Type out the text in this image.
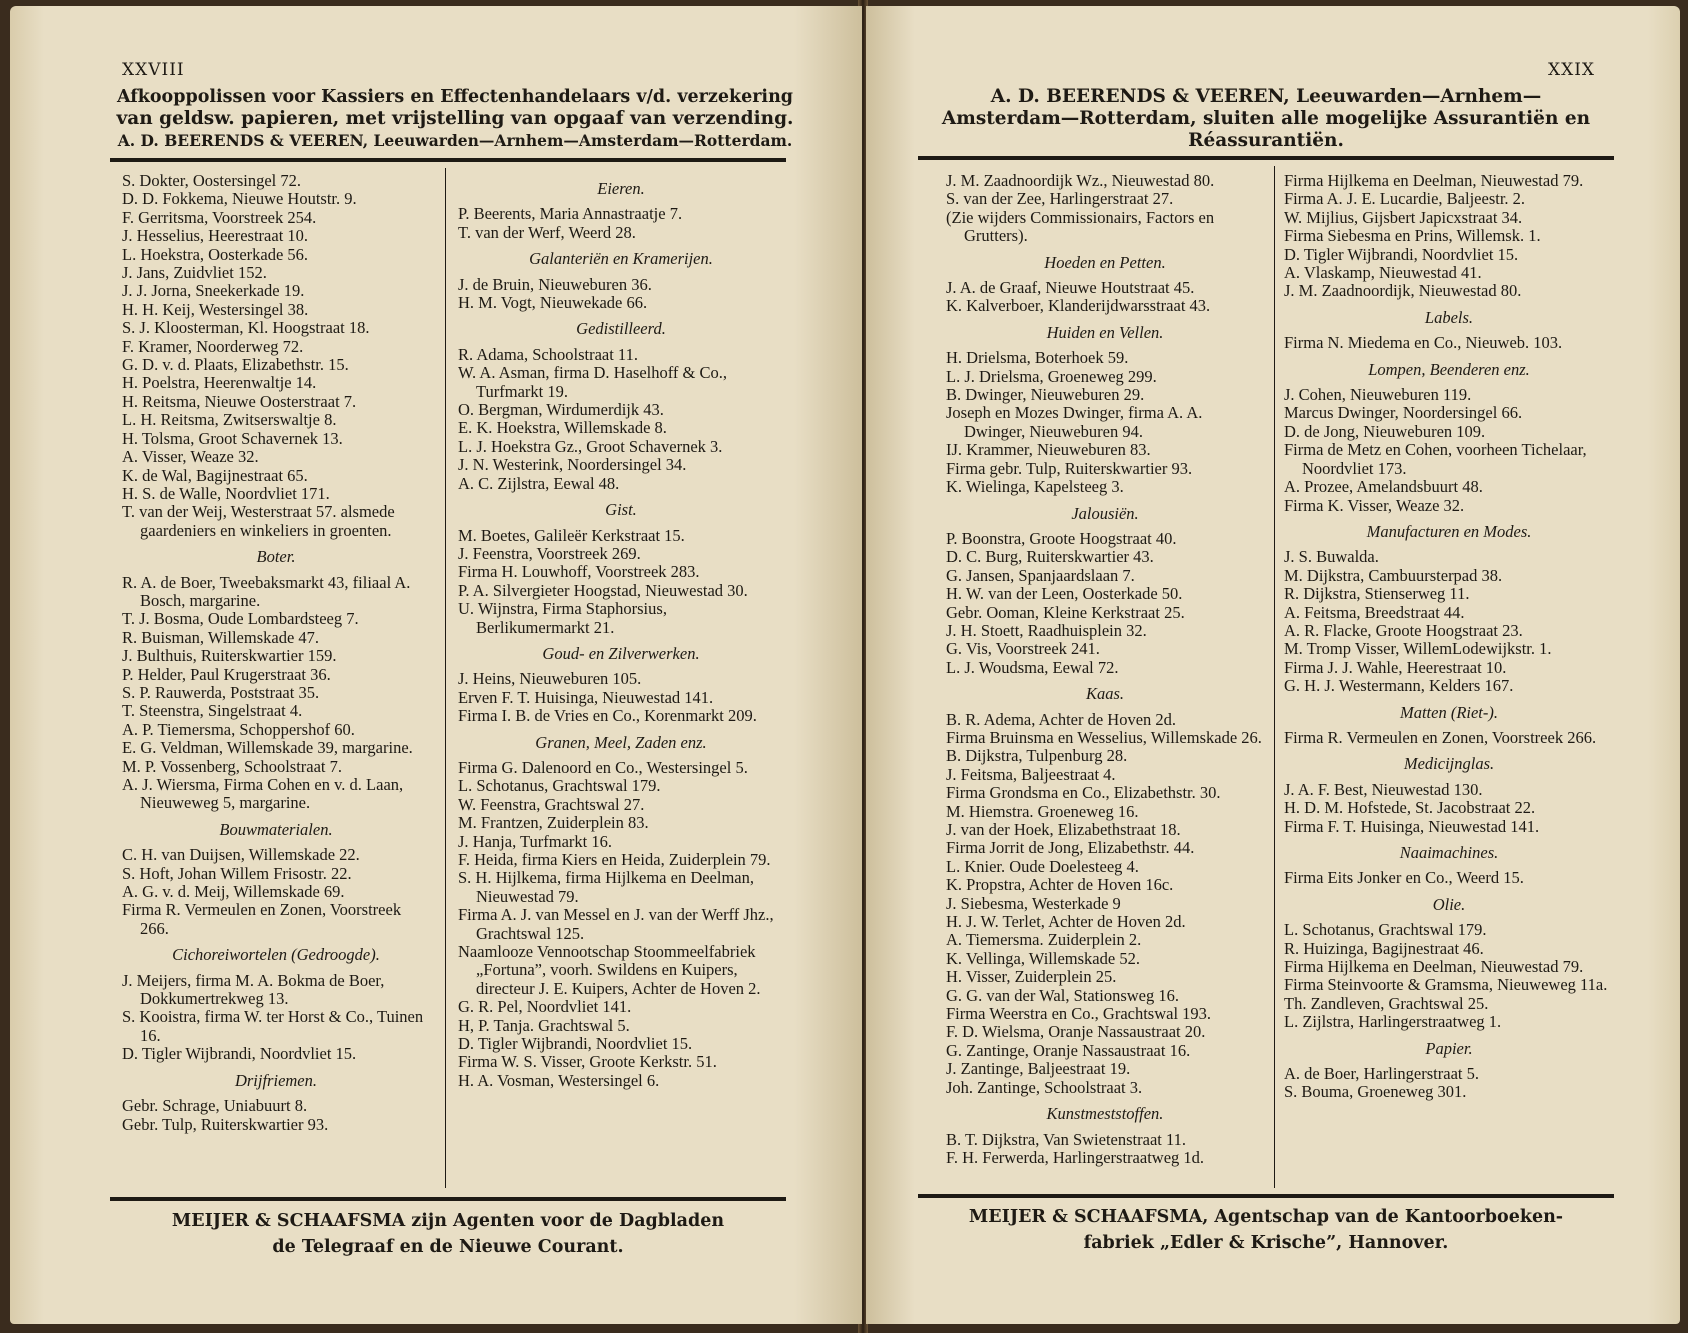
XXVIII
Afkooppolissen voor Kassiers en Effectenhandelaars v/d. verzekering
van geldsw. papieren, met vrijstelling van opgaaf van verzending.
A. D. BEERENDS & VEEREN, Leeuwarden—Arnhem—Amsterdam—Rotterdam.

S. Dokter, Oostersingel 72.

D. D. Fokkema, Nieuwe Houtstr. 9.

F. Gerritsma, Voorstreek 254.

J. Hesselius, Heerestraat 10.

L. Hoekstra, Oosterkade 56.

J. Jans, Zuidvliet 152.

J. J. Jorna, Sneekerkade 19.

H. H. Keij, Westersingel 38.

S. J. Kloosterman, Kl. Hoogstraat 18.

F. Kramer, Noorderweg 72.

G. D. v. d. Plaats, Elizabethstr. 15.

H. Poelstra, Heerenwaltje 14.

H. Reitsma, Nieuwe Oosterstraat 7.

L. H. Reitsma, Zwitserswaltje 8.

H. Tolsma, Groot Schavernek 13.

A. Visser, Weaze 32.

K. de Wal, Bagijnestraat 65.

H. S. de Walle, Noordvliet 171.

T. van der Weij, Westerstraat 57. alsmede gaardeniers en winkeliers in groenten.

Boter.

R. A. de Boer, Tweebaksmarkt 43, filiaal A. Bosch, margarine.

T. J. Bosma, Oude Lombardsteeg 7.

R. Buisman, Willemskade 47.

J. Bulthuis, Ruiterskwartier 159.

P. Helder, Paul Krugerstraat 36.

S. P. Rauwerda, Poststraat 35.

T. Steenstra, Singelstraat 4.

A. P. Tiemersma, Schoppershof 60.

E. G. Veldman, Willemskade 39, margarine.

M. P. Vossenberg, Schoolstraat 7.

A. J. Wiersma, Firma Cohen en v. d. Laan, Nieuweweg 5, margarine.

Bouwmaterialen.

C. H. van Duijsen, Willemskade 22.

S. Hoft, Johan Willem Frisostr. 22.

A. G. v. d. Meij, Willemskade 69.

Firma R. Vermeulen en Zonen, Voorstreek 266.

Cichoreiwortelen (Gedroogde).

J. Meijers, firma M. A. Bokma de Boer, Dokkumertrekweg 13.

S. Kooistra, firma W. ter Horst & Co., Tuinen 16.

D. Tigler Wijbrandi, Noordvliet 15.

Drijfriemen.

Gebr. Schrage, Uniabuurt 8.

Gebr. Tulp, Ruiterskwartier 93.

Eieren.

P. Beerents, Maria Annastraatje 7.

T. van der Werf, Weerd 28.

Galanteriën en Kramerijen.

J. de Bruin, Nieuweburen 36.

H. M. Vogt, Nieuwekade 66.

Gedistilleerd.

R. Adama, Schoolstraat 11.

W. A. Asman, firma D. Haselhoff & Co., Turfmarkt 19.

O. Bergman, Wirdumerdijk 43.

E. K. Hoekstra, Willemskade 8.

L. J. Hoekstra Gz., Groot Schavernek 3.

J. N. Westerink, Noordersingel 34.

A. C. Zijlstra, Eewal 48.

Gist.

M. Boetes, Galileër Kerkstraat 15.

J. Feenstra, Voorstreek 269.

Firma H. Louwhoff, Voorstreek 283.

P. A. Silvergieter Hoogstad, Nieuwestad 30.

U. Wijnstra, Firma Staphorsius, Berlikumermarkt 21.

Goud- en Zilverwerken.

J. Heins, Nieuweburen 105.

Erven F. T. Huisinga, Nieuwestad 141.

Firma I. B. de Vries en Co., Korenmarkt 209.

Granen, Meel, Zaden enz.

Firma G. Dalenoord en Co., Westersingel 5.

L. Schotanus, Grachtswal 179.

W. Feenstra, Grachtswal 27.

M. Frantzen, Zuiderplein 83.

J. Hanja, Turfmarkt 16.

F. Heida, firma Kiers en Heida, Zuiderplein 79.

S. H. Hijlkema, firma Hijlkema en Deelman, Nieuwestad 79.

Firma A. J. van Messel en J. van der Werff Jhz., Grachtswal 125.

Naamlooze Vennootschap Stoommeelfabriek „Fortuna”, voorh. Swildens en Kuipers, directeur J. E. Kuipers, Achter de Hoven 2.

G. R. Pel, Noordvliet 141.

H, P. Tanja. Grachtswal 5.

D. Tigler Wijbrandi, Noordvliet 15.

Firma W. S. Visser, Groote Kerkstr. 51.

H. A. Vosman, Westersingel 6.

MEIJER & SCHAAFSMA zijn Agenten voor de Dagbladen
de Telegraaf en de Nieuwe Courant.
XXIX
A. D. BEERENDS & VEEREN, Leeuwarden—Arnhem—
Amsterdam—Rotterdam, sluiten alle mogelijke Assurantiën en
Réassurantiën.

J. M. Zaadnoordijk Wz., Nieuwestad 80.

S. van der Zee, Harlingerstraat 27.

(Zie wijders Commissionairs, Factors en Grutters).

Hoeden en Petten.

J. A. de Graaf, Nieuwe Houtstraat 45.

K. Kalverboer, Klanderijdwarsstraat 43.

Huiden en Vellen.

H. Drielsma, Boterhoek 59.

L. J. Drielsma, Groeneweg 299.

B. Dwinger, Nieuweburen 29.

Joseph en Mozes Dwinger, firma A. A. Dwinger, Nieuweburen 94.

IJ. Krammer, Nieuweburen 83.

Firma gebr. Tulp, Ruiterskwartier 93.

K. Wielinga, Kapelsteeg 3.

Jalousiën.

P. Boonstra, Groote Hoogstraat 40.

D. C. Burg, Ruiterskwartier 43.

G. Jansen, Spanjaardslaan 7.

H. W. van der Leen, Oosterkade 50.

Gebr. Ooman, Kleine Kerkstraat 25.

J. H. Stoett, Raadhuisplein 32.

G. Vis, Voorstreek 241.

L. J. Woudsma, Eewal 72.

Kaas.

B. R. Adema, Achter de Hoven 2d.

Firma Bruinsma en Wesselius, Willemskade 26.

B. Dijkstra, Tulpenburg 28.

J. Feitsma, Baljeestraat 4.

Firma Grondsma en Co., Elizabethstr. 30.

M. Hiemstra. Groeneweg 16.

J. van der Hoek, Elizabethstraat 18.

Firma Jorrit de Jong, Elizabethstr. 44.

L. Knier. Oude Doelesteeg 4.

K. Propstra, Achter de Hoven 16c.

J. Siebesma, Westerkade 9

H. J. W. Terlet, Achter de Hoven 2d.

A. Tiemersma. Zuiderplein 2.

K. Vellinga, Willemskade 52.

H. Visser, Zuiderplein 25.

G. G. van der Wal, Stationsweg 16.

Firma Weerstra en Co., Grachtswal 193.

F. D. Wielsma, Oranje Nassaustraat 20.

G. Zantinge, Oranje Nassaustraat 16.

J. Zantinge, Baljeestraat 19.

Joh. Zantinge, Schoolstraat 3.

Kunstmeststoffen.

B. T. Dijkstra, Van Swietenstraat 11.

F. H. Ferwerda, Harlingerstraatweg 1d.

Firma Hijlkema en Deelman, Nieuwestad 79.

Firma A. J. E. Lucardie, Baljeestr. 2.

W. Mijlius, Gijsbert Japicxstraat 34.

Firma Siebesma en Prins, Willemsk. 1.

D. Tigler Wijbrandi, Noordvliet 15.

A. Vlaskamp, Nieuwestad 41.

J. M. Zaadnoordijk, Nieuwestad 80.

Labels.

Firma N. Miedema en Co., Nieuweb. 103.

Lompen, Beenderen enz.

J. Cohen, Nieuweburen 119.

Marcus Dwinger, Noordersingel 66.

D. de Jong, Nieuweburen 109.

Firma de Metz en Cohen, voorheen Tichelaar, Noordvliet 173.

A. Prozee, Amelandsbuurt 48.

Firma K. Visser, Weaze 32.

Manufacturen en Modes.

J. S. Buwalda.

M. Dijkstra, Cambuursterpad 38.

R. Dijkstra, Stienserweg 11.

A. Feitsma, Breedstraat 44.

A. R. Flacke, Groote Hoogstraat 23.

M. Tromp Visser, WillemLodewijkstr. 1.

Firma J. J. Wahle, Heerestraat 10.

G. H. J. Westermann, Kelders 167.

Matten (Riet-).

Firma R. Vermeulen en Zonen, Voorstreek 266.

Medicijnglas.

J. A. F. Best, Nieuwestad 130.

H. D. M. Hofstede, St. Jacobstraat 22.

Firma F. T. Huisinga, Nieuwestad 141.

Naaimachines.

Firma Eits Jonker en Co., Weerd 15.

Olie.

L. Schotanus, Grachtswal 179.

R. Huizinga, Bagijnestraat 46.

Firma Hijlkema en Deelman, Nieuwestad 79.

Firma Steinvoorte & Gramsma, Nieuweweg 11a.

Th. Zandleven, Grachtswal 25.

L. Zijlstra, Harlingerstraatweg 1.

Papier.

A. de Boer, Harlingerstraat 5.

S. Bouma, Groeneweg 301.

MEIJER & SCHAAFSMA, Agentschap van de Kantoorboeken-
fabriek „Edler & Krische”, Hannover.
